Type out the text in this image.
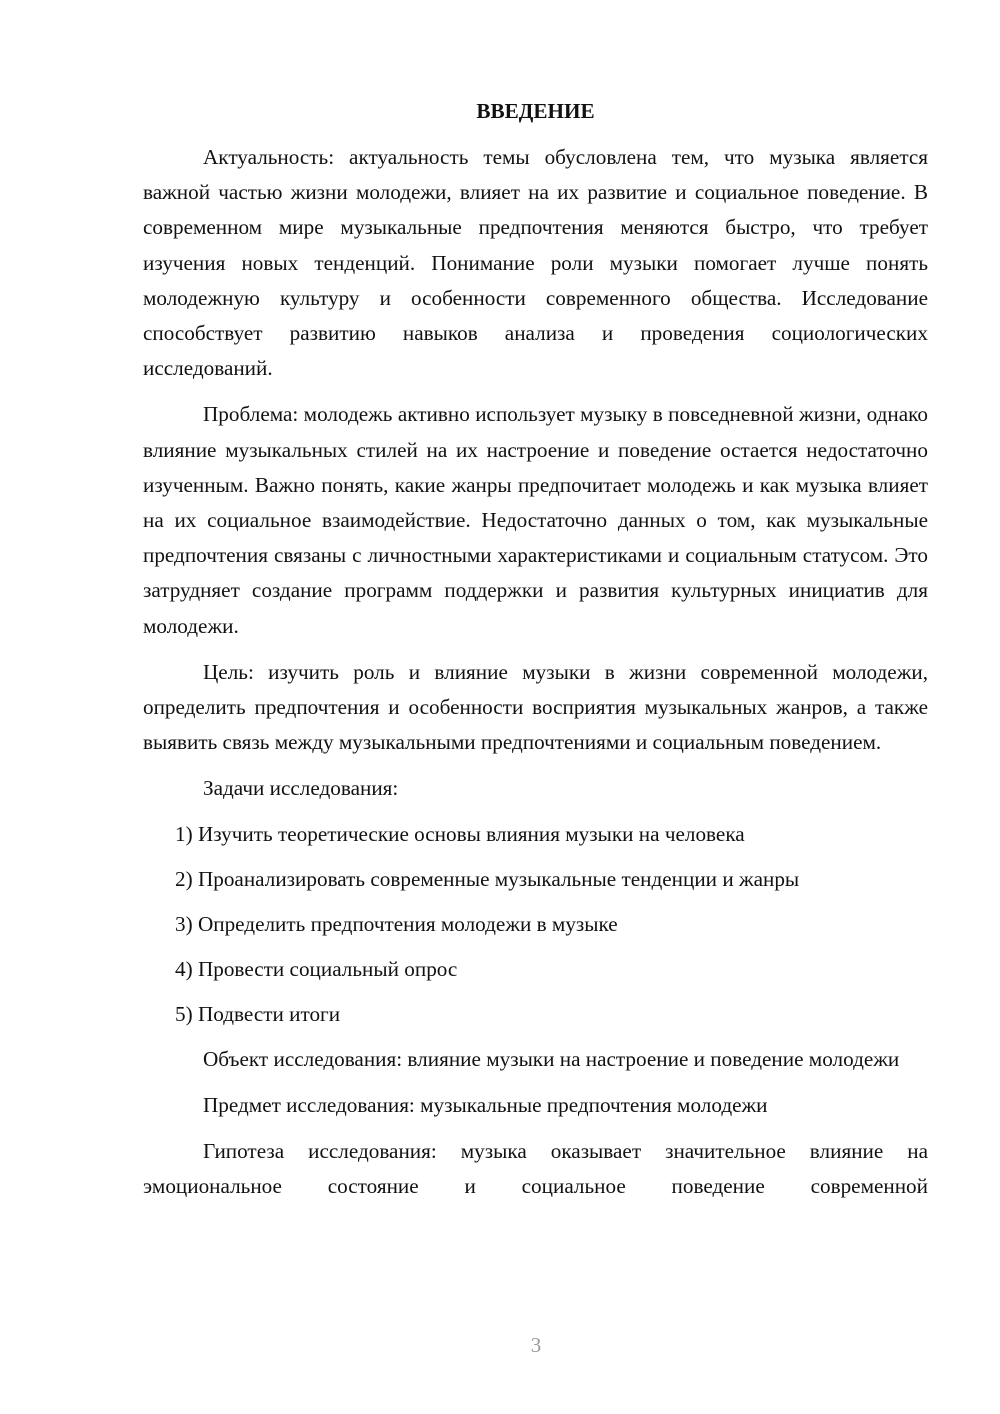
ВВЕДЕНИЕ

Актуальность: актуальность темы обусловлена тем, что музыка является важной частью жизни молодежи, влияет на их развитие и социальное поведение. В современном мире музыкальные предпочтения меняются быстро, что требует изучения новых тенденций. Понимание роли музыки помогает лучше понять молодежную культуру и особенности современного общества. Исследование способствует развитию навыков анализа и проведения социологических исследований.

Проблема: молодежь активно использует музыку в повседневной жизни, однако влияние музыкальных стилей на их настроение и поведение остается недостаточно изученным. Важно понять, какие жанры предпочитает молодежь и как музыка влияет на их социальное взаимодействие. Недостаточно данных о том, как музыкальные предпочтения связаны с личностными характеристиками и социальным статусом. Это затрудняет создание программ поддержки и развития культурных инициатив для молодежи.

Цель: изучить роль и влияние музыки в жизни современной молодежи, определить предпочтения и особенности восприятия музыкальных жанров, а также выявить связь между музыкальными предпочтениями и социальным поведением.

Задачи исследования:

1) Изучить теоретические основы влияния музыки на человека
2) Проанализировать современные музыкальные тенденции и жанры
3) Определить предпочтения молодежи в музыке
4) Провести социальный опрос
5) Подвести итоги

Объект исследования: влияние музыки на настроение и поведение молодежи

Предмет исследования: музыкальные предпочтения молодежи

Гипотеза исследования: музыка оказывает значительное влияние на эмоциональное состояние и социальное поведение современной

3
